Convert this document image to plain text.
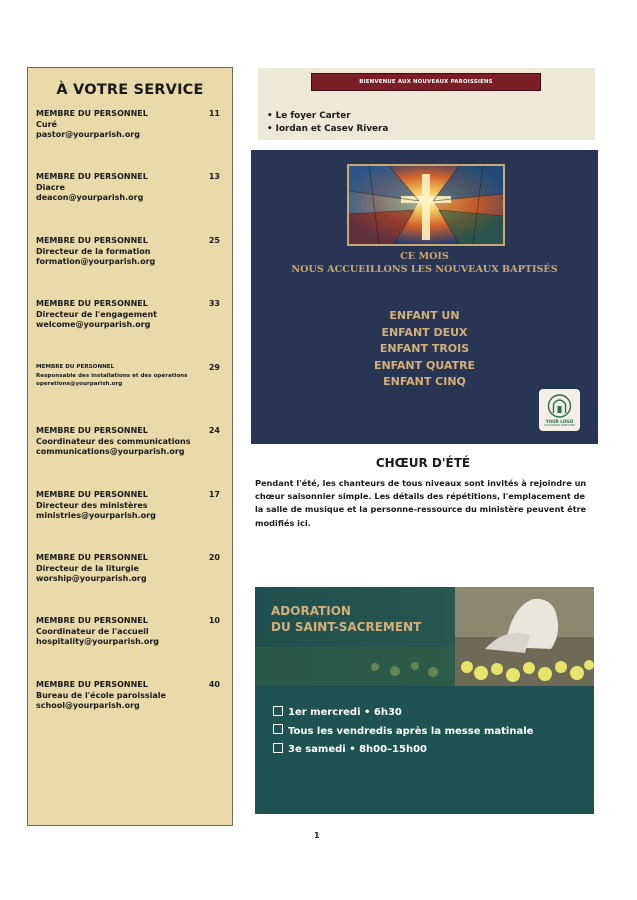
À VOTRE SERVICE
MEMBRE DU PERSONNEL
Curé
pastor@yourparish.org
11
MEMBRE DU PERSONNEL
Diacre
deacon@yourparish.org
13
MEMBRE DU PERSONNEL
Directeur de la formation
formation@yourparish.org
25
MEMBRE DU PERSONNEL
Directeur de l'engagement
welcome@yourparish.org
33
MEMBRE DU PERSONNEL
Responsable des installations et des opérations
operations@yourparish.org
29
MEMBRE DU PERSONNEL
Coordinateur des communications
communications@yourparish.org
24
MEMBRE DU PERSONNEL
Directeur des ministères
ministries@yourparish.org
17
MEMBRE DU PERSONNEL
Directeur de la liturgie
worship@yourparish.org
20
MEMBRE DU PERSONNEL
Coordinateur de l'accueil
hospitality@yourparish.org
10
MEMBRE DU PERSONNEL
Bureau de l'école paroissiale
school@yourparish.org
40
BIENVENUE AUX NOUVEAUX PAROISSIENS
• Le foyer Carter
• Iordan et Casev Rivera
CE MOIS
NOUS ACCUEILLONS LES NOUVEAUX BAPTISÉS
ENFANT UN
ENFANT DEUX
ENFANT TROIS
ENFANT QUATRE
ENFANT CINQ
YOUR LOGO
YOUR PARISH NAME HERE
CHŒUR D'ÉTÉ
Pendant l'été, les chanteurs de tous niveaux sont invités à rejoindre un chœur saisonnier simple. Les détails des répétitions, l'emplacement de la salle de musique et la personne-ressource du ministère peuvent être modifiés ici.
ADORATION
DU SAINT-SACREMENT
1er mercredi • 6h30
Tous les vendredis après la messe matinale
3e samedi • 8h00–15h00
1
